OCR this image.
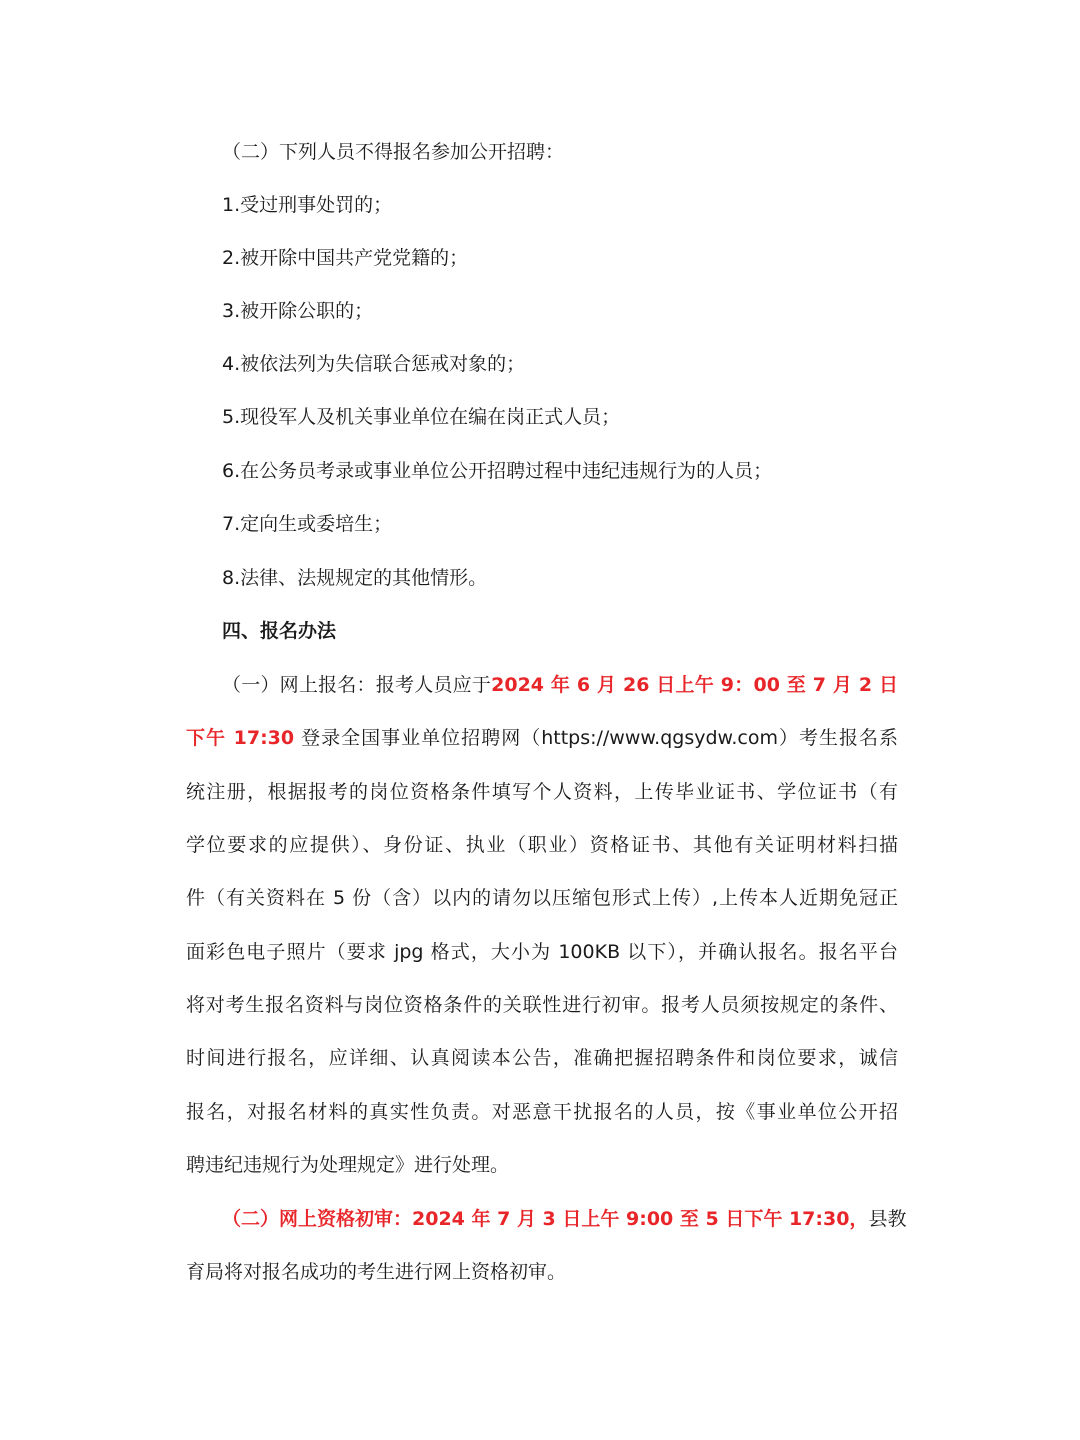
（二）下列人员不得报名参加公开招聘：
1.受过刑事处罚的；
2.被开除中国共产党党籍的；
3.被开除公职的；
4.被依法列为失信联合惩戒对象的；
5.现役军人及机关事业单位在编在岗正式人员；
6.在公务员考录或事业单位公开招聘过程中违纪违规行为的人员；
7.定向生或委培生；
8.法律、法规规定的其他情形。
四、报名办法
（一）网上报名：报考人员应于2024 年 6 月 26 日上午 9：00 至 7 月 2 日
下午 17:30 登录全国事业单位招聘网（https://www.qgsydw.com）考生报名系
统注册，根据报考的岗位资格条件填写个人资料，上传毕业证书、学位证书（有
学位要求的应提供）、身份证、执业（职业）资格证书、其他有关证明材料扫描
件（有关资料在 5 份（含）以内的请勿以压缩包形式上传）,上传本人近期免冠正
面彩色电子照片（要求 jpg 格式，大小为 100KB 以下），并确认报名。报名平台
将对考生报名资料与岗位资格条件的关联性进行初审。报考人员须按规定的条件、
时间进行报名，应详细、认真阅读本公告，准确把握招聘条件和岗位要求，诚信
报名，对报名材料的真实性负责。对恶意干扰报名的人员，按《事业单位公开招
聘违纪违规行为处理规定》进行处理。
（二）网上资格初审：2024 年 7 月 3 日上午 9:00 至 5 日下午 17:30，县教
育局将对报名成功的考生进行网上资格初审。
